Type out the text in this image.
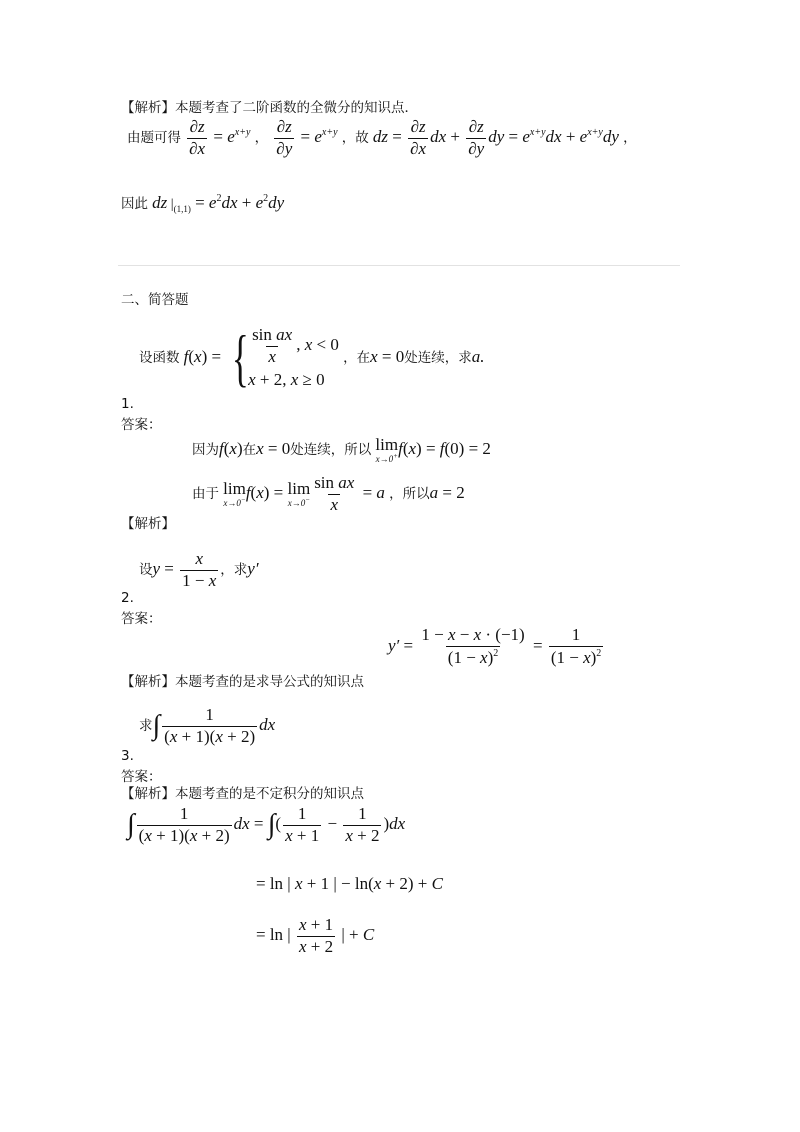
【解析】本题考查了二阶函数的全微分的知识点．
由题可得 $\frac{\partial z}{\partial x} = e^{x+y}$ ， $\frac{\partial z}{\partial y} = e^{x+y}$ ，故 dz = $\frac{\partial z}{\partial x}$ dx + $\frac{\partial z}{\partial y}$ dy = $e^{x+y}dx + e^{x+y}dy$ ，
因此 dz $|_{(1,1)} = e^2dx + e^2dy$
二、简答题
设函数 f(x) = { $\frac{\text{sin ax}}{x}$ , x < 0
x + 2, x ≥ 0
，在x = 0处连续，求a.
1.
答案：
因为f(x)在x = 0处连续，所以 lim
x→0+ f(x) = f(0) = 2
由于 lim
x→0− f(x) = lim
$x\to 0^- \frac{\text{sin ax}}{x} = a$ ，所以a = 2
【解析】
设$y = \frac{x}{1 - x}$ ，求y′
2.
答案：
$y' = \frac{1 - x - x \cdot (-1)}{(1 - x)^2} = \frac{1}{(1 - x)^2}$
【解析】本题考查的是求导公式的知识点
求∫ $\frac{1}{(x + 1)(x + 2)}$ dx
3.
答案：
【解析】本题考查的是不定积分的知识点
∫ $\frac{1}{(x + 1)(x + 2)}$ dx = ∫( $\frac{1}{x + 1} - \frac{1}{x + 2} )dx$
= ln | x + 1 | − ln(x + 2) + C
= ln | $\frac{x + 1}{x + 2}$ | + C
